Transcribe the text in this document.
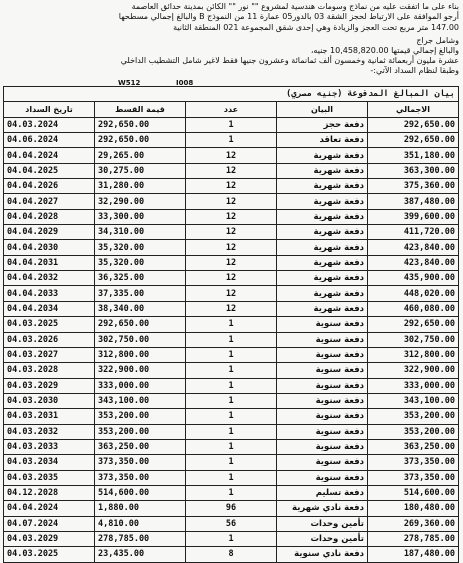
بناء على ما اتفقت عليه من نماذج وسومات هندسية لمشروع "" نور "" الكائن بمدينة حدائق العاصمة
أرجو الموافقة على الارتباط لحجز الشقة 03 بالدور05 عمارة 11 من النموذج B والبالغ إجمالي مسطحها
147.00 متر مربع تحت العجز والزيادة وهي إحدى شقق المجموعة 021 المنطقة الثانية
وشامل جراج
والبالغ إجمالي قيمتها 10,458,820.00 جنيه،
عشرة مليون أربعمائة ثمانية وخمسون ألف ثمانمائة وعشرون جنيها فقط لاغير شامل التشطيب الداخلي
وطبقا لنظام السداد الآتي:-
W512	I008
بيان المبالغ المدفوعة (جنيه مصري)				
تاريخ السداد	قيمة القسط	عدد	البيان	الاجمالي
04.03.2024	292,650.00	1	دفعة حجز	292,650.00
04.06.2024	292,650.00	1	دفعة تعاقد	292,650.00
04.04.2024	29,265.00	12	دفعة شهرية	351,180.00
04.04.2025	30,275.00	12	دفعة شهرية	363,300.00
04.04.2026	31,280.00	12	دفعة شهرية	375,360.00
04.04.2027	32,290.00	12	دفعة شهرية	387,480.00
04.04.2028	33,300.00	12	دفعة شهرية	399,600.00
04.04.2029	34,310.00	12	دفعة شهرية	411,720.00
04.04.2030	35,320.00	12	دفعة شهرية	423,840.00
04.04.2031	35,320.00	12	دفعة شهرية	423,840.00
04.04.2032	36,325.00	12	دفعة شهرية	435,900.00
04.04.2033	37,335.00	12	دفعة شهرية	448,020.00
04.04.2034	38,340.00	12	دفعة شهرية	460,080.00
04.03.2025	292,650.00	1	دفعة سنوية	292,650.00
04.03.2026	302,750.00	1	دفعة سنوية	302,750.00
04.03.2027	312,800.00	1	دفعة سنوية	312,800.00
04.03.2028	322,900.00	1	دفعة سنوية	322,900.00
04.03.2029	333,000.00	1	دفعة سنوية	333,000.00
04.03.2030	343,100.00	1	دفعة سنوية	343,100.00
04.03.2031	353,200.00	1	دفعة سنوية	353,200.00
04.03.2032	353,200.00	1	دفعة سنوية	353,200.00
04.03.2033	363,250.00	1	دفعة سنوية	363,250.00
04.03.2034	373,350.00	1	دفعة سنوية	373,350.00
04.03.2035	373,350.00	1	دفعة سنوية	373,350.00
04.12.2028	514,600.00	1	دفعة تسليم	514,600.00
04.04.2024	1,880.00	96	دفعة نادي شهرية	180,480.00
04.07.2024	4,810.00	56	تأمين وحدات	269,360.00
04.03.2029	278,785.00	1	تأمين وحدات	278,785.00
04.03.2025	23,435.00	8	دفعة نادي سنوية	187,480.00
